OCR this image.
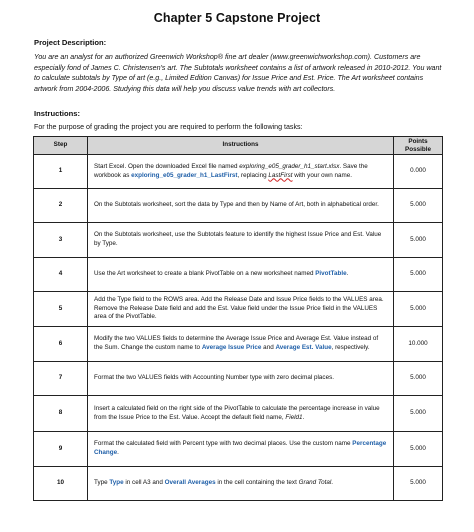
Chapter 5 Capstone Project
Project Description:
You are an analyst for an authorized Greenwich Workshop® fine art dealer (www.greenwichworkshop.com). Customers are especially fond of James C. Christensen's art. The Subtotals worksheet contains a list of artwork released in 2010-2012. You want to calculate subtotals by Type of art (e.g., Limited Edition Canvas) for Issue Price and Est. Price. The Art worksheet contains artwork from 2004-2006. Studying this data will help you discuss value trends with art collectors.
Instructions:
For the purpose of grading the project you are required to perform the following tasks:
Step	Instructions	Points Possible
1	Start Excel. Open the downloaded Excel file named exploring_e05_grader_h1_start.xlsx. Save the workbook as exploring_e05_grader_h1_LastFirst, replacing LastFirst with your own name.	0.000
2	On the Subtotals worksheet, sort the data by Type and then by Name of Art, both in alphabetical order.	5.000
3	On the Subtotals worksheet, use the Subtotals feature to identify the highest Issue Price and Est. Value by Type.	5.000
4	Use the Art worksheet to create a blank PivotTable on a new worksheet named PivotTable.	5.000
5	Add the Type field to the ROWS area. Add the Release Date and Issue Price fields to the VALUES area. Remove the Release Date field and add the Est. Value field under the Issue Price field in the VALUES area of the PivotTable.	5.000
6	Modify the two VALUES fields to determine the Average Issue Price and Average Est. Value instead of the Sum. Change the custom name to Average Issue Price and Average Est. Value, respectively.	10.000
7	Format the two VALUES fields with Accounting Number type with zero decimal places.	5.000
8	Insert a calculated field on the right side of the PivotTable to calculate the percentage increase in value from the Issue Price to the Est. Value. Accept the default field name, Field1.	5.000
9	Format the calculated field with Percent type with two decimal places. Use the custom name Percentage Change.	5.000
10	Type Type in cell A3 and Overall Averages in the cell containing the text Grand Total.	5.000
